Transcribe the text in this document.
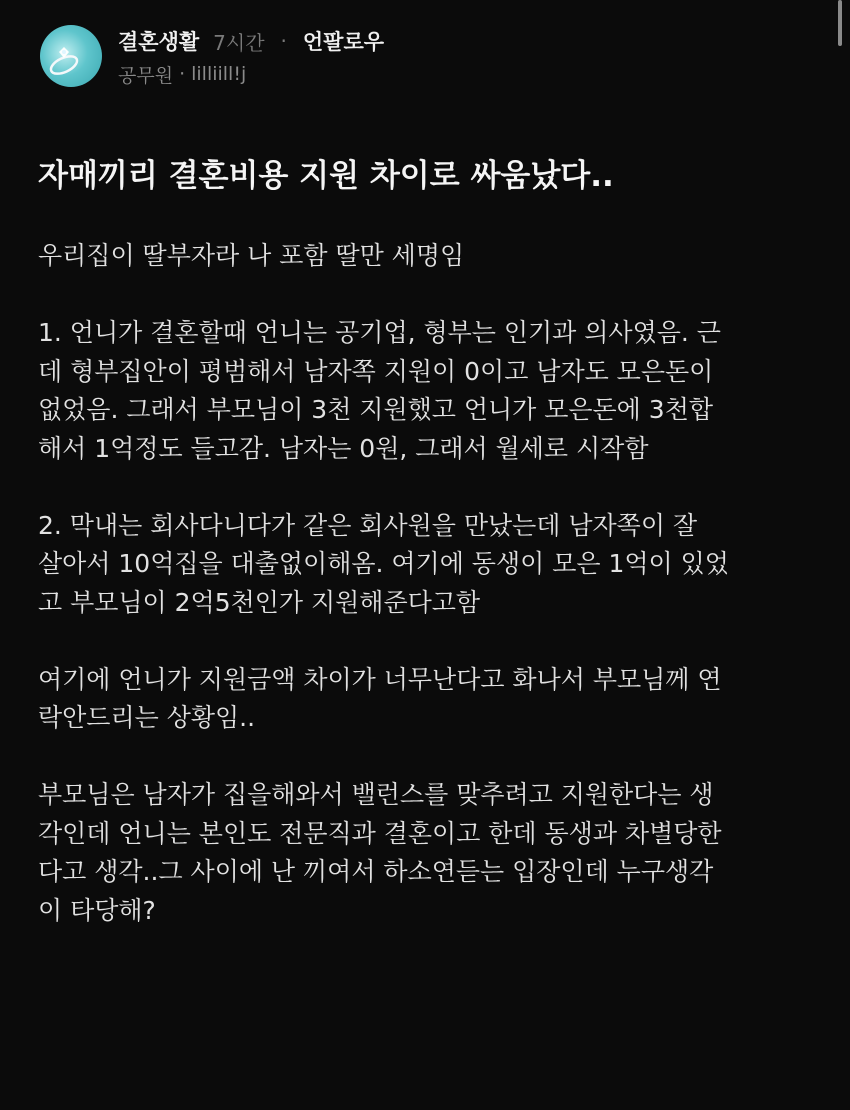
결혼생활 7시간 · 언팔로우
공무원 · lilliill!j
자매끼리 결혼비용 지원 차이로 싸움났다..
우리집이 딸부자라 나 포함 딸만 세명임
1. 언니가 결혼할때 언니는 공기업, 형부는 인기과 의사였음. 근
데 형부집안이 평범해서 남자쪽 지원이 0이고 남자도 모은돈이
없었음. 그래서 부모님이 3천 지원했고 언니가 모은돈에 3천합
해서 1억정도 들고감. 남자는 0원, 그래서 월세로 시작함
2. 막내는 회사다니다가 같은 회사원을 만났는데 남자쪽이 잘
살아서 10억집을 대출없이해옴. 여기에 동생이 모은 1억이 있었
고 부모님이 2억5천인가 지원해준다고함
여기에 언니가 지원금액 차이가 너무난다고 화나서 부모님께 연
락안드리는 상황임..
부모님은 남자가 집을해와서 밸런스를 맞추려고 지원한다는 생
각인데 언니는 본인도 전문직과 결혼이고 한데 동생과 차별당한
다고 생각..그 사이에 난 끼여서 하소연듣는 입장인데 누구생각
이 타당해?
